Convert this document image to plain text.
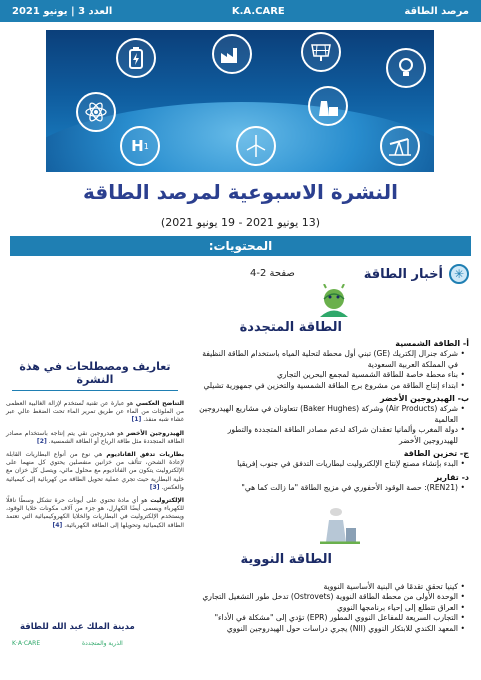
العدد 3 | يونيو 2021	K.A.CARE	مرصد الطاقة
H 1
النشرة الاسبوعية لمرصد الطاقة
(13 يونيو 2021 - 19 يونيو 2021)
المحتويات:
✳
أخبار الطاقة
صفحة 2-4
الطاقة المتجددة
أ- الطاقة الشمسية
• شركة جنرال إلكتريك (GE) تبني أول محطة لتحلية المياه باستخدام الطاقة النظيفة في المملكة العربية السعودية
• بناء محطة خاصة للطاقة الشمسية لمجمع البحرين التجاري
• ابتداء إنتاج الطاقة من مشروع برج الطاقة الشمسية والتخزين في جمهورية تشيلي
ب- الهيدروجين الأخضر
• شركة (Air Products) وشركة (Baker Hughes) تتعاونان في مشاريع الهيدروجين العالمية
• دولة المغرب وألمانيا تعقدان شراكة لدعم مصادر الطاقة المتجددة والتطور للهيدروجين الأخضر
ج- تخزين الطاقة
• البدء بإنشاء مصنع لإنتاج الإلكتروليت لبطاريات التدفق في جنوب إفريقيا
د- تقارير
• (REN21): حصة الوقود الأحفوري في مزيج الطاقة "ما زالت كما هي"
الطاقة النووية
• كينيا تحقق تقدمًا في البنية الأساسية النووية
• الوحدة الأولى من محطة الطاقة النووية (Ostrovets) تدخل طور التشغيل التجاري
• العراق تتطلع إلى إحياء برنامجها النووي
• التجارب السريعة للمفاعل النووي المطور (EPR) تؤدي إلى "مشكلة في الأداء"
• المعهد الكندي للابتكار النووي (NII) يجري دراسات حول الهيدروجين النووي
تعاريف ومصطلحات في هذة النشرة
التناضح العكسي هو عبارة عن تقنية تُستخدم لإزالة الغالبية العظمى من الملوثات من الماء عن طريق تمرير الماء تحت الضغط عالي عبر غشاء شبه منفذ. [1]
الهيدروجين الأخضر هو هيدروجين نقي يتم إنتاجه باستخدام مصادر الطاقة المتجددة مثل طاقة الرياح أو الطاقة الشمسية. [2]
بطاريات تدفق الفاناديوم هي نوع من أنواع البطاريات القابلة لإعادة الشحن، تتألف من خزانين منفصلين يحتوي كل منهما على الإلكتروليت يتكون من الفاناديوم مع محلول مائي، ويتصل كل خزان مع خلية البطارية حيث تجري عملية تحويل الطاقة من كهربائية إلى كيميائية والعكس. [3]
الإلكتروليت هو أي مادة تحتوي على أيونات حرة تشكل وسطًا ناقلًا للكهرباء ويسمى أيضًا الكهارل، هو جزء من آلاف مكونات خلايا الوقود، ويستخدم الإلكتروليت في البطاريات والخلايا الكهروكيميائية التي تعتمد الطاقة الكيميائية وتحويلها إلى الطاقة الكهربائية. [4]
مدينة الملك عبد الله للطاقة
K·A·CARE	الذرية والمتجددة
